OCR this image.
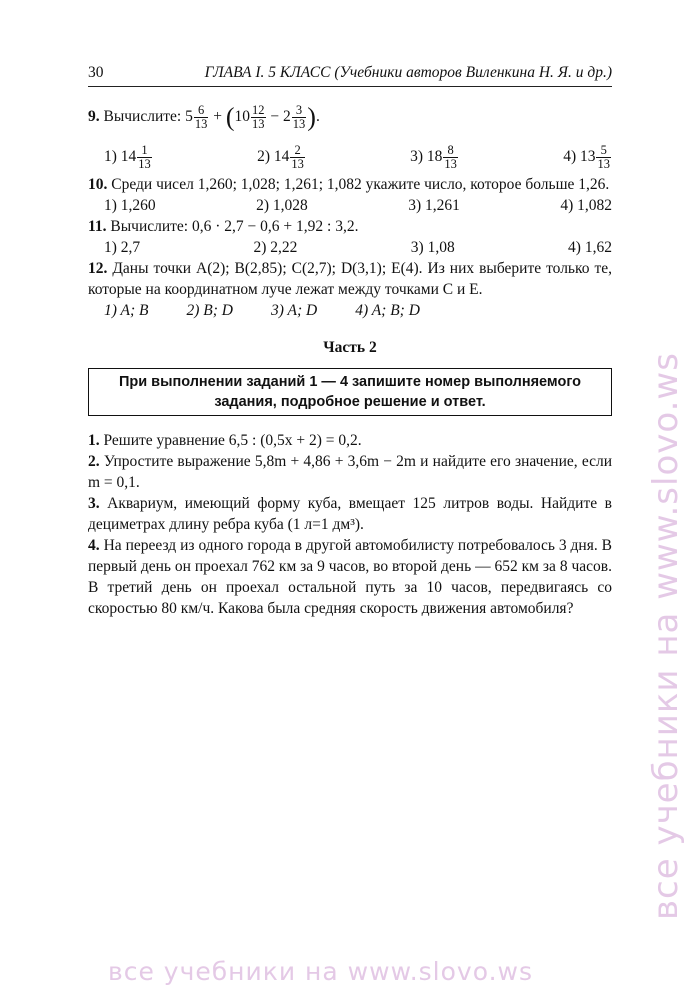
30	ГЛАВА I. 5 КЛАСС (Учебники авторов Виленкина Н. Я. и др.)
9. Вычислите: $5 \frac{6}{13} + (10 \frac{12}{13} - 2 \frac{3}{13}$ ).
1) $14 \frac{1}{13}$	2) $14 \frac{2}{13}$	3) $18 \frac{8}{13}$	4) $13 \frac{5}{13}$
10. Среди чисел 1,260; 1,028; 1,261; 1,082 укажите число, которое больше 1,26.
1) 1,260	2) 1,028	3) 1,261	4) 1,082
11. Вычислите: 0,6 · 2,7 − 0,6 + 1,92 : 3,2.
1) 2,7	2) 2,22	3) 1,08	4) 1,62
12. Даны точки A(2); B(2,85); C(2,7); D(3,1); E(4). Из них выберите только те, которые на координатном луче лежат между точками C и E.
1) A; B 2) B; D 3) A; D 4) A; B; D
Часть 2
При выполнении заданий 1 — 4 запишите номер выполняемого задания, подробное решение и ответ.
1. Решите уравнение 6,5 : (0,5x + 2) = 0,2.
2. Упростите выражение 5,8m + 4,86 + 3,6m − 2m и найдите его значение, если m = 0,1.
3. Аквариум, имеющий форму куба, вмещает 125 литров воды. Найдите в дециметрах длину ребра куба (1 л=1 дм³).
4. На переезд из одного города в другой автомобилисту потребовалось 3 дня. В первый день он проехал 762 км за 9 часов, во второй день — 652 км за 8 часов. В третий день он проехал остальной путь за 10 часов, передвигаясь со скоростью 80 км/ч. Какова была средняя скорость движения автомобиля?	все учебники на www.slovo.ws
все учебники на www.slovo.ws
